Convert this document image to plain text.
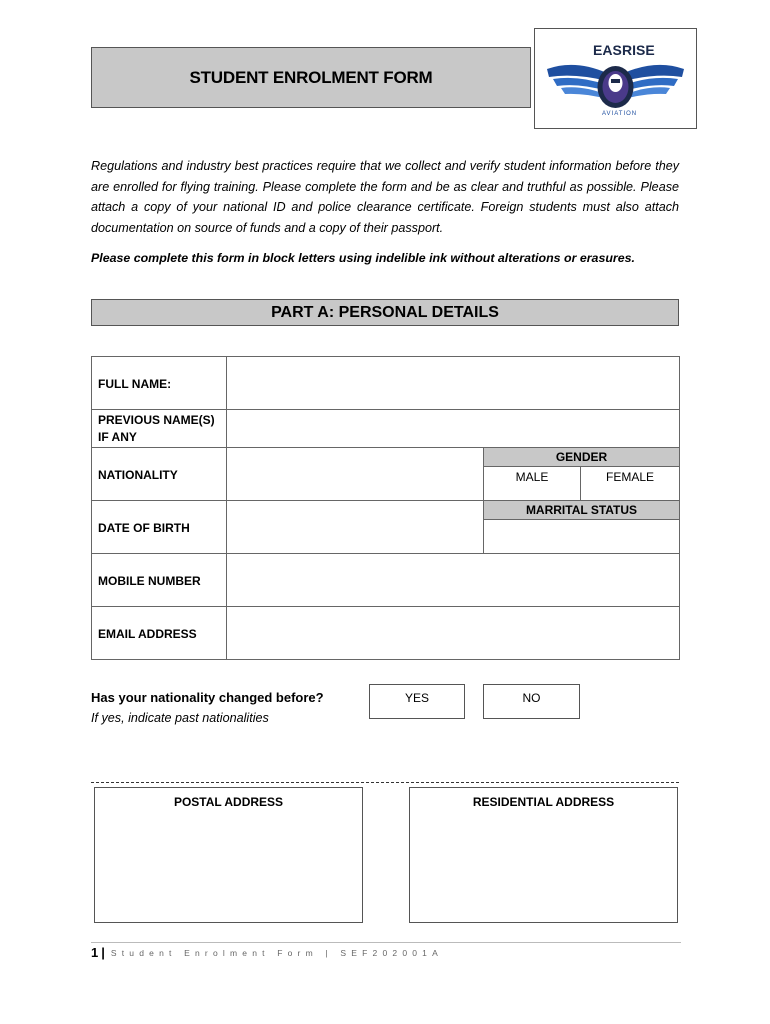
STUDENT ENROLMENT FORM
EAS RISE
AVIATION
Regulations and industry best practices require that we collect and verify student information before they are enrolled for flying training. Please complete the form and be as clear and truthful as possible. Please attach a copy of your national ID and police clearance certificate. Foreign students must also attach documentation on source of funds and a copy of their passport.
Please complete this form in block letters using indelible ink without alterations or erasures.
PART A: PERSONAL DETAILS
FULL NAME:
PREVIOUS NAME(S)
IF ANY
NATIONALITY
DATE OF BIRTH
MOBILE NUMBER
EMAIL ADDRESS
GENDER
MALE	FEMALE
MARRITAL STATUS
Has your nationality changed before?
If yes, indicate past nationalities
YES	NO
POSTAL ADDRESS	RESIDENTIAL ADDRESS
1 | Student Enrolment Form | SEF202001A
